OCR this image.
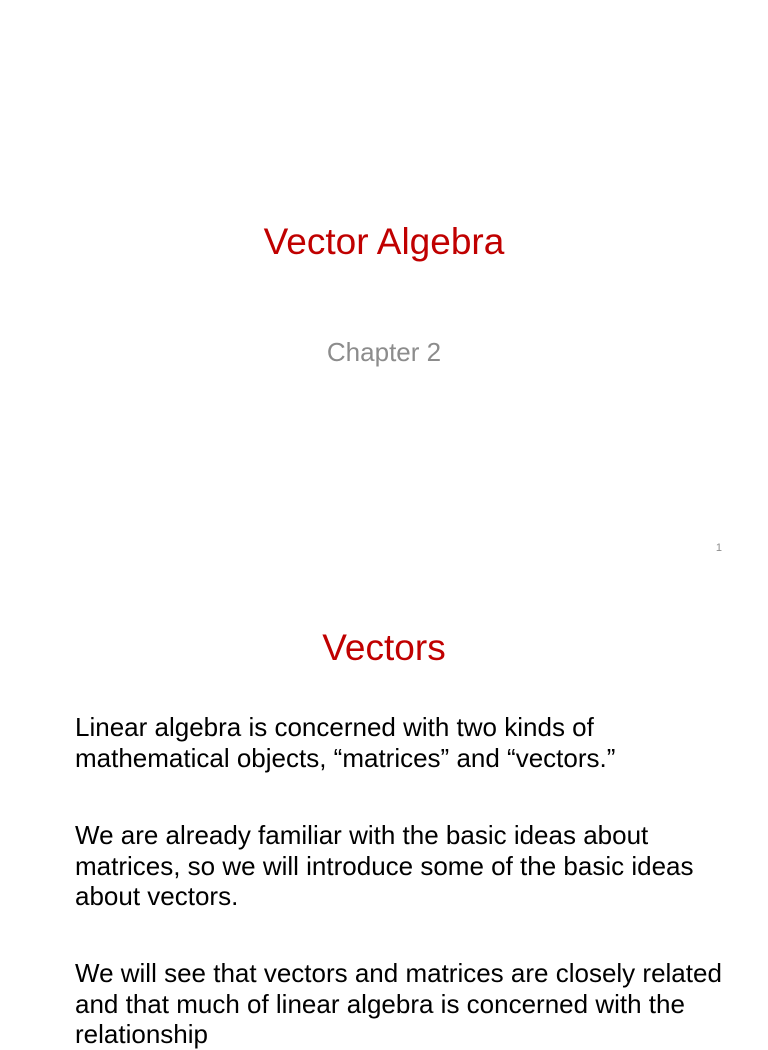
Vector Algebra

Chapter 2

1
Vectors

Linear algebra is concerned with two kinds of mathematical objects, “matrices” and “vectors.”

We are already familiar with the basic ideas about matrices, so we will introduce some of the basic ideas about vectors.

We will see that vectors and matrices are closely related and that much of linear algebra is concerned with the relationship
